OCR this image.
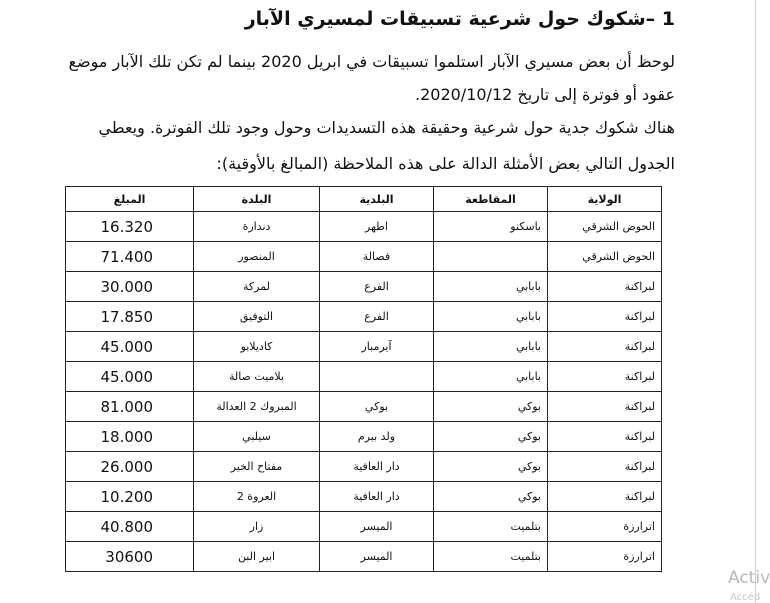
1 –شكوك حول شرعية تسبيقات لمسيري الآبار
لوحظ أن بعض مسيري الآبار استلموا تسبيقات في ابريل 2020 بينما لم تكن تلك الآبار موضع
عقود أو فوترة إلى تاريخ 2020/10/12.
هناك شكوك جدية حول شرعية وحقيقة هذه التسديدات وحول وجود تلك الفوترة. ويعطي
الجدول التالي بعض الأمثلة الدالة على هذه الملاحظة (المبالغ بالأوقية):
الولاية	المقاطعة	البلدية	البلدة	المبلغ
الحوض الشرقي	باسكنو	اطهر	دندارة	16.320
الحوض الشرقي		فصالة	المنصور	71.400
لبراكنة	بابابي	الفرع	لمركة	30.000
لبراكنة	بابابي	الفرع	التوفيق	17.850
لبراكنة	بابابي	آيرمبار	كاديلابو	45.000
لبراكنة	بابابي		بلاميت صالة	45.000
لبراكنة	بوكي	بوكي	المبروك 2 العدالة	81.000
لبراكنة	بوكي	ولد بيرم	سيلبي	18.000
لبراكنة	بوكي	دار العافية	مفتاح الخير	26.000
لبراكنة	بوكي	دار العافية	العروة 2	10.200
اترارزة	بتلميت	الميسر	زار	40.800
اترارزة	بتلميت	الميسر	ابير البن	30600
Activ
Accéd
